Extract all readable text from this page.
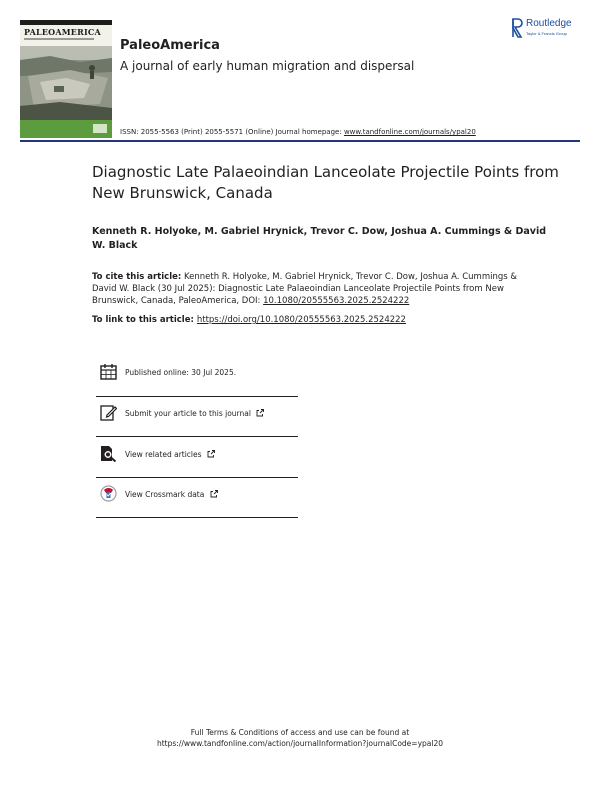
PALEOAMERICA
PaleoAmerica
A journal of early human migration and dispersal
Routledge
Taylor & Francis Group
ISSN: 2055-5563 (Print) 2055-5571 (Online) Journal homepage: www.tandfonline.com/journals/ypal20
Diagnostic Late Palaeoindian Lanceolate Projectile Points from New Brunswick, Canada
Kenneth R. Holyoke, M. Gabriel Hrynick, Trevor C. Dow, Joshua A. Cummings & David W. Black
To cite this article: Kenneth R. Holyoke, M. Gabriel Hrynick, Trevor C. Dow, Joshua A. Cummings & David W. Black (30 Jul 2025): Diagnostic Late Palaeoindian Lanceolate Projectile Points from New Brunswick, Canada, PaleoAmerica, DOI: 10.1080/20555563.2025.2524222
To link to this article: https://doi.org/10.1080/20555563.2025.2524222
Published online: 30 Jul 2025.
Submit your article to this journal
View related articles
View Crossmark data
Full Terms & Conditions of access and use can be found at
https://www.tandfonline.com/action/journalInformation?journalCode=ypal20
